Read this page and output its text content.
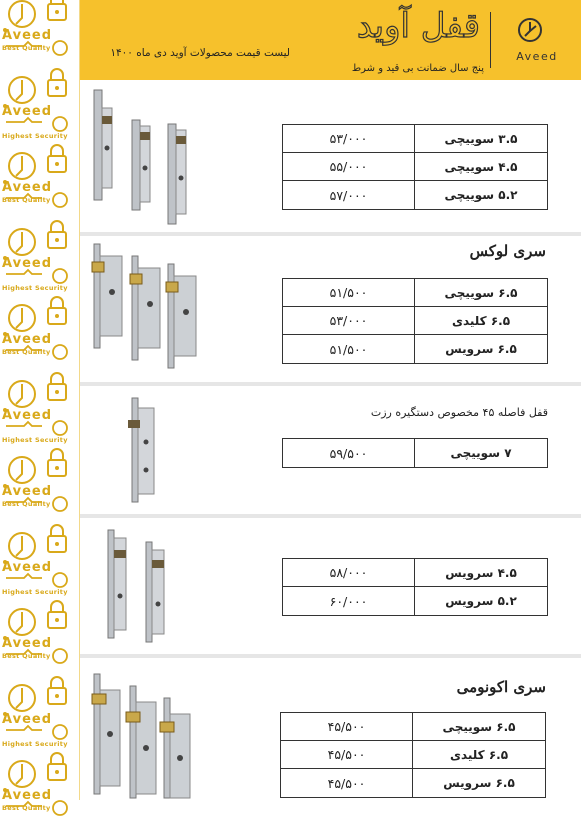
Aveed
Best Quality
Aveed
Highest Security
Aveed
Best Quality
Aveed
Highest Security
Aveed
Best Quality
Aveed
Highest Security
Aveed
Best Quality
Aveed
Highest Security
Aveed
Best Quality
Aveed
Highest Security
Aveed
Best Quality
Aveed
قفل آوید
لیست قیمت محصولات آوید دی ماه ۱۴۰۰
پنج سال ضمانت بی قید و شرط
۵۳/۰۰۰	۳.۵ سوییچی
۵۵/۰۰۰	۴.۵ سوییچی
۵۷/۰۰۰	۵.۲ سوییچی
سری لوکس
۵۱/۵۰۰	۶.۵ سوییچی
۵۳/۰۰۰	۶.۵ کلیدی
۵۱/۵۰۰	۶.۵ سرویس
قفل فاصله ۴۵ مخصوص دستگیره رزت
۵۹/۵۰۰	۷ سوییچی
۵۸/۰۰۰	۴.۵ سرویس
۶۰/۰۰۰	۵.۲ سرویس
سری اکونومی
۴۵/۵۰۰	۶.۵ سوییچی
۴۵/۵۰۰	۶.۵ کلیدی
۴۵/۵۰۰	۶.۵ سرویس
